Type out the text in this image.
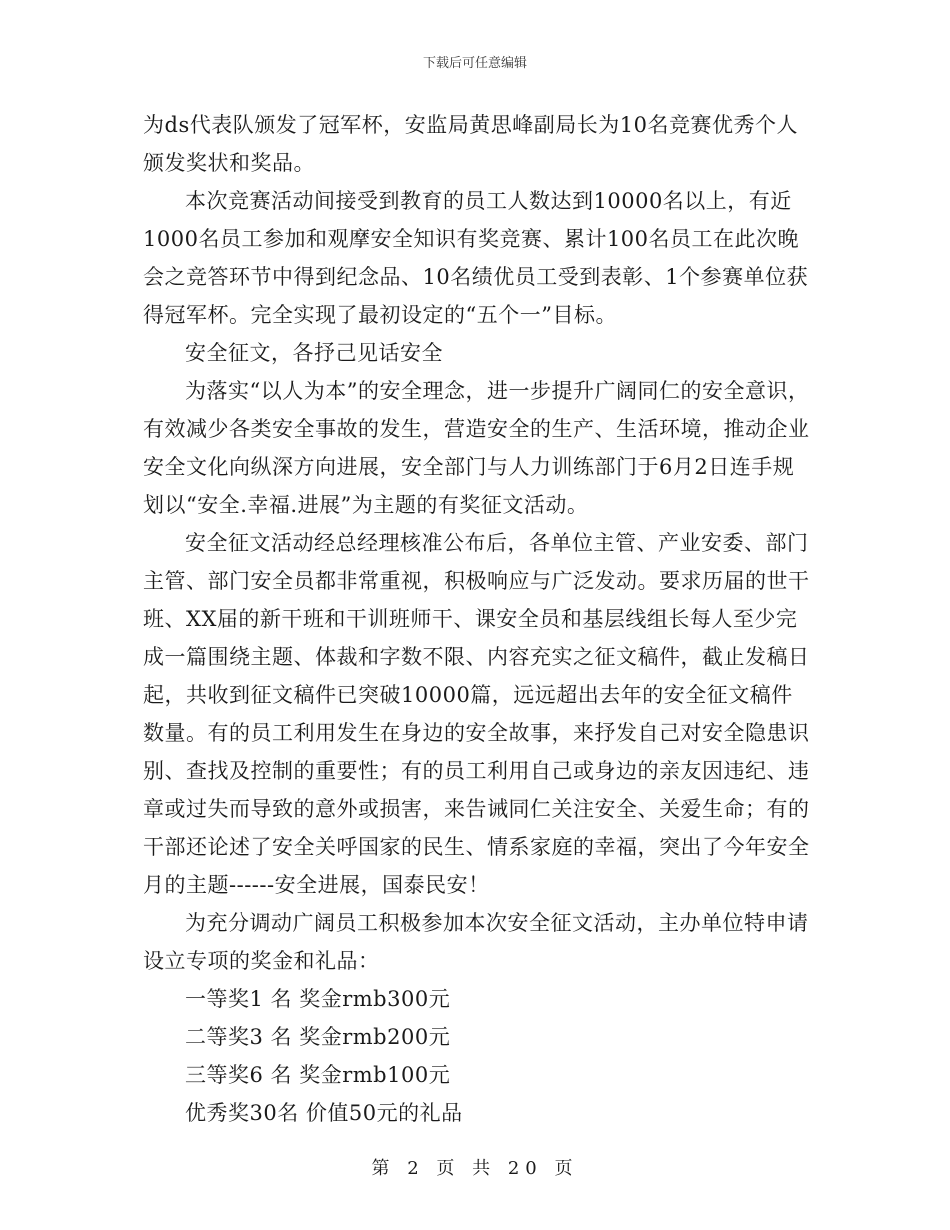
下载后可任意编辑

为ds代表队颁发了冠军杯，安监局黄思峰副局长为10名竞赛优秀个人颁发奖状和奖品。

本次竞赛活动间接受到教育的员工人数达到10000名以上，有近1000名员工参加和观摩安全知识有奖竞赛、累计100名员工在此次晚会之竞答环节中得到纪念品、10名绩优员工受到表彰、1个参赛单位获得冠军杯。完全实现了最初设定的“五个一”目标。

安全征文，各抒己见话安全

为落实“以人为本”的安全理念，进一步提升广阔同仁的安全意识，有效减少各类安全事故的发生，营造安全的生产、生活环境，推动企业安全文化向纵深方向进展，安全部门与人力训练部门于6月2日连手规划以“安全.幸福.进展”为主题的有奖征文活动。

安全征文活动经总经理核准公布后，各单位主管、产业安委、部门主管、部门安全员都非常重视，积极响应与广泛发动。要求历届的世干班、XX届的新干班和干训班师干、课安全员和基层线组长每人至少完成一篇围绕主题、体裁和字数不限、内容充实之征文稿件，截止发稿日起，共收到征文稿件已突破10000篇，远远超出去年的安全征文稿件数量。有的员工利用发生在身边的安全故事，来抒发自己对安全隐患识别、查找及控制的重要性；有的员工利用自己或身边的亲友因违纪、违章或过失而导致的意外或损害，来告诫同仁关注安全、关爱生命；有的干部还论述了安全关呼国家的民生、情系家庭的幸福，突出了今年安全月的主题------安全进展，国泰民安！

为充分调动广阔员工积极参加本次安全征文活动，主办单位特申请设立专项的奖金和礼品：

一等奖1 名 奖金rmb300元

二等奖3 名 奖金rmb200元

三等奖6 名 奖金rmb100元

优秀奖30名 价值50元的礼品

第 2 页 共 20 页
